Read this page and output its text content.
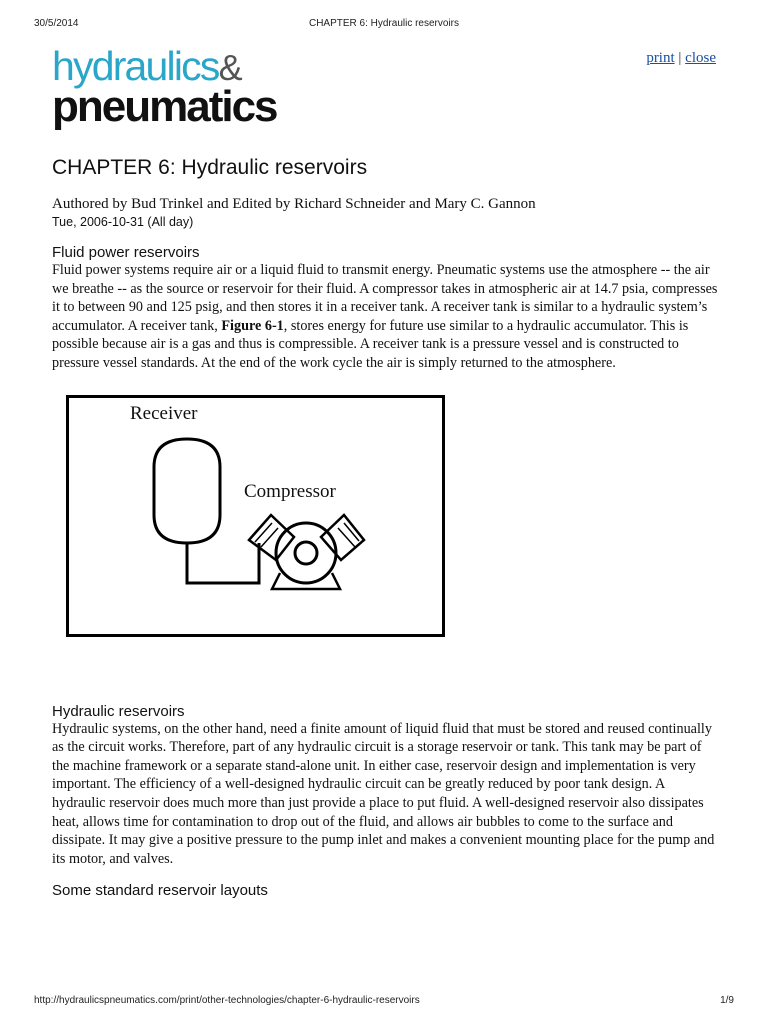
30/5/2014	CHAPTER 6: Hydraulic reservoirs
hydraulics&
pneumatics
print | close
CHAPTER 6: Hydraulic reservoirs

Authored by Bud Trinkel and Edited by Richard Schneider and Mary C. Gannon

Tue, 2006-10-31 (All day)

Fluid power reservoirs

Fluid power systems require air or a liquid fluid to transmit energy. Pneumatic systems use the atmosphere -- the air we breathe -- as the source or reservoir for their fluid. A compressor takes in atmospheric air at 14.7 psia, compresses it to between 90 and 125 psig, and then stores it in a receiver tank. A receiver tank is similar to a hydraulic system’s accumulator. A receiver tank, Figure 6-1, stores energy for future use similar to a hydraulic accumulator. This is possible because air is a gas and thus is compressible. A receiver tank is a pressure vessel and is constructed to pressure vessel standards. At the end of the work cycle the air is simply returned to the atmosphere.

Receiver
Compressor
Hydraulic reservoirs

Hydraulic systems, on the other hand, need a finite amount of liquid fluid that must be stored and reused continually as the circuit works. Therefore, part of any hydraulic circuit is a storage reservoir or tank. This tank may be part of the machine framework or a separate stand-alone unit. In either case, reservoir design and implementation is very important. The efficiency of a well-designed hydraulic circuit can be greatly reduced by poor tank design. A hydraulic reservoir does much more than just provide a place to put fluid. A well-designed reservoir also dissipates heat, allows time for contamination to drop out of the fluid, and allows air bubbles to come to the surface and dissipate. It may give a positive pressure to the pump inlet and makes a convenient mounting place for the pump and its motor, and valves.

Some standard reservoir layouts
http://hydraulicspneumatics.com/print/other-technologies/chapter-6-hydraulic-reservoirs	1/9
